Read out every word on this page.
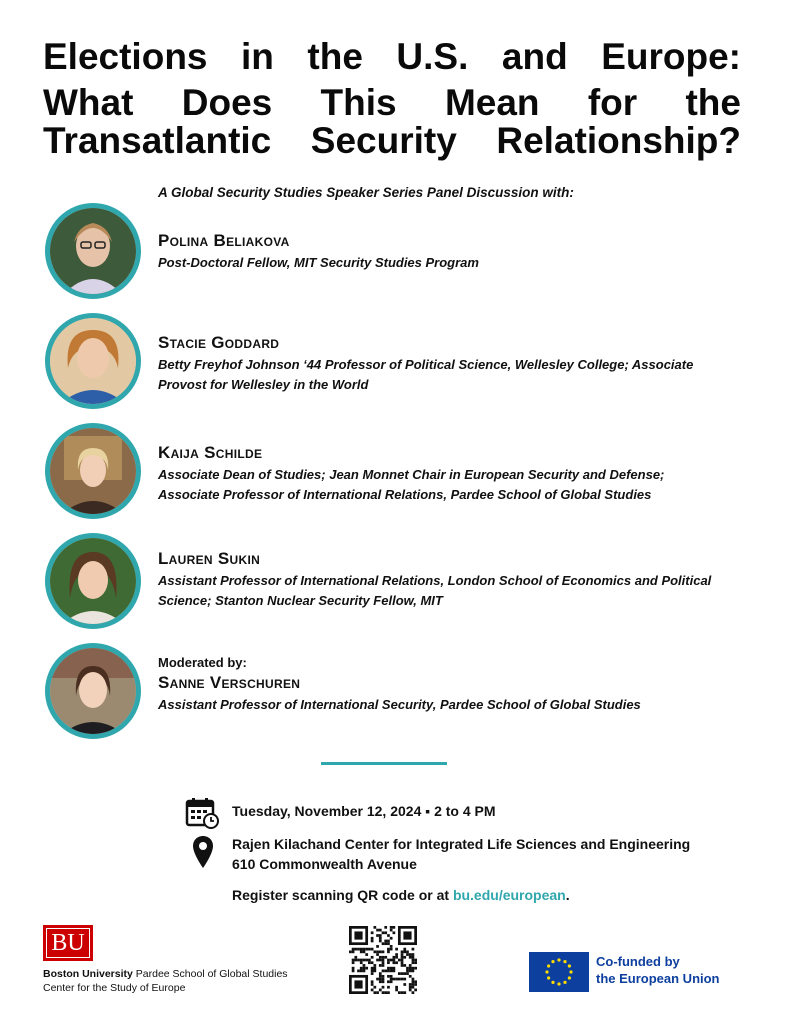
Elections in the U.S. and Europe:
What Does This Mean for the
Transatlantic Security Relationship?
A Global Security Studies Speaker Series Panel Discussion with:

Polina Beliakova

Post-Doctoral Fellow, MIT Security Studies Program

Stacie Goddard

Betty Freyhof Johnson ‘44 Professor of Political Science, Wellesley College; Associate

Provost for Wellesley in the World

Kaija Schilde

Associate Dean of Studies; Jean Monnet Chair in European Security and Defense;

Associate Professor of International Relations, Pardee School of Global Studies

Lauren Sukin

Assistant Professor of International Relations, London School of Economics and Political

Science; Stanton Nuclear Security Fellow, MIT

Moderated by:

Sanne Verschuren

Assistant Professor of International Security, Pardee School of Global Studies

Tuesday, November 12, 2024 ▪ 2 to 4 PM
Rajen Kilachand Center for Integrated Life Sciences and Engineering
610 Commonwealth Avenue
Register scanning QR code or at bu.edu/european.
BU
Boston University Pardee School of Global Studies
Center for the Study of Europe
Co-funded by
the European Union
